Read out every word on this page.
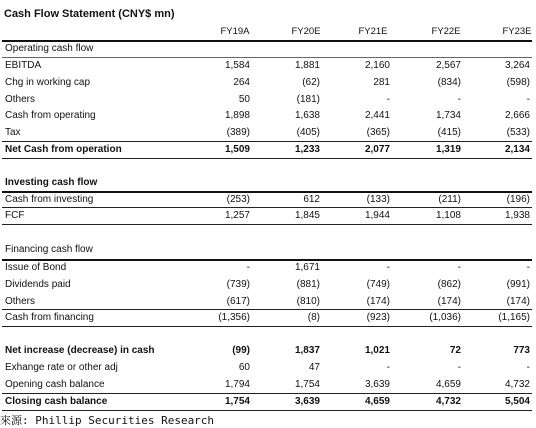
Cash Flow Statement (CNY$ mn)
FY19A	FY20E	FY21E	FY22E	FY23E
Operating cash flow
EBITDA	1,584	1,881	2,160	2,567	3,264
Chg in working cap	264	(62)	281	(834)	(598)
Others	50	(181)	-	-	-
Cash from operating	1,898	1,638	2,441	1,734	2,666
Tax	(389)	(405)	(365)	(415)	(533)
Net Cash from operation	1,509	1,233	2,077	1,319	2,134
Investing cash flow
Cash from investing	(253)	612	(133)	(211)	(196)
FCF	1,257	1,845	1,944	1,108	1,938
Financing cash flow
Issue of Bond	-	1,671	-	-	-
Dividends paid	(739)	(881)	(749)	(862)	(991)
Others	(617)	(810)	(174)	(174)	(174)
Cash from financing	(1,356)	(8)	(923)	(1,036)	(1,165)
Net increase (decrease) in cash	(99)	1,837	1,021	72	773
Exhange rate or other adj	60	47	-	-	-
Opening cash balance	1,794	1,754	3,639	4,659	4,732
Closing cash balance	1,754	3,639	4,659	4,732	5,504
來源: Phillip Securities Research
